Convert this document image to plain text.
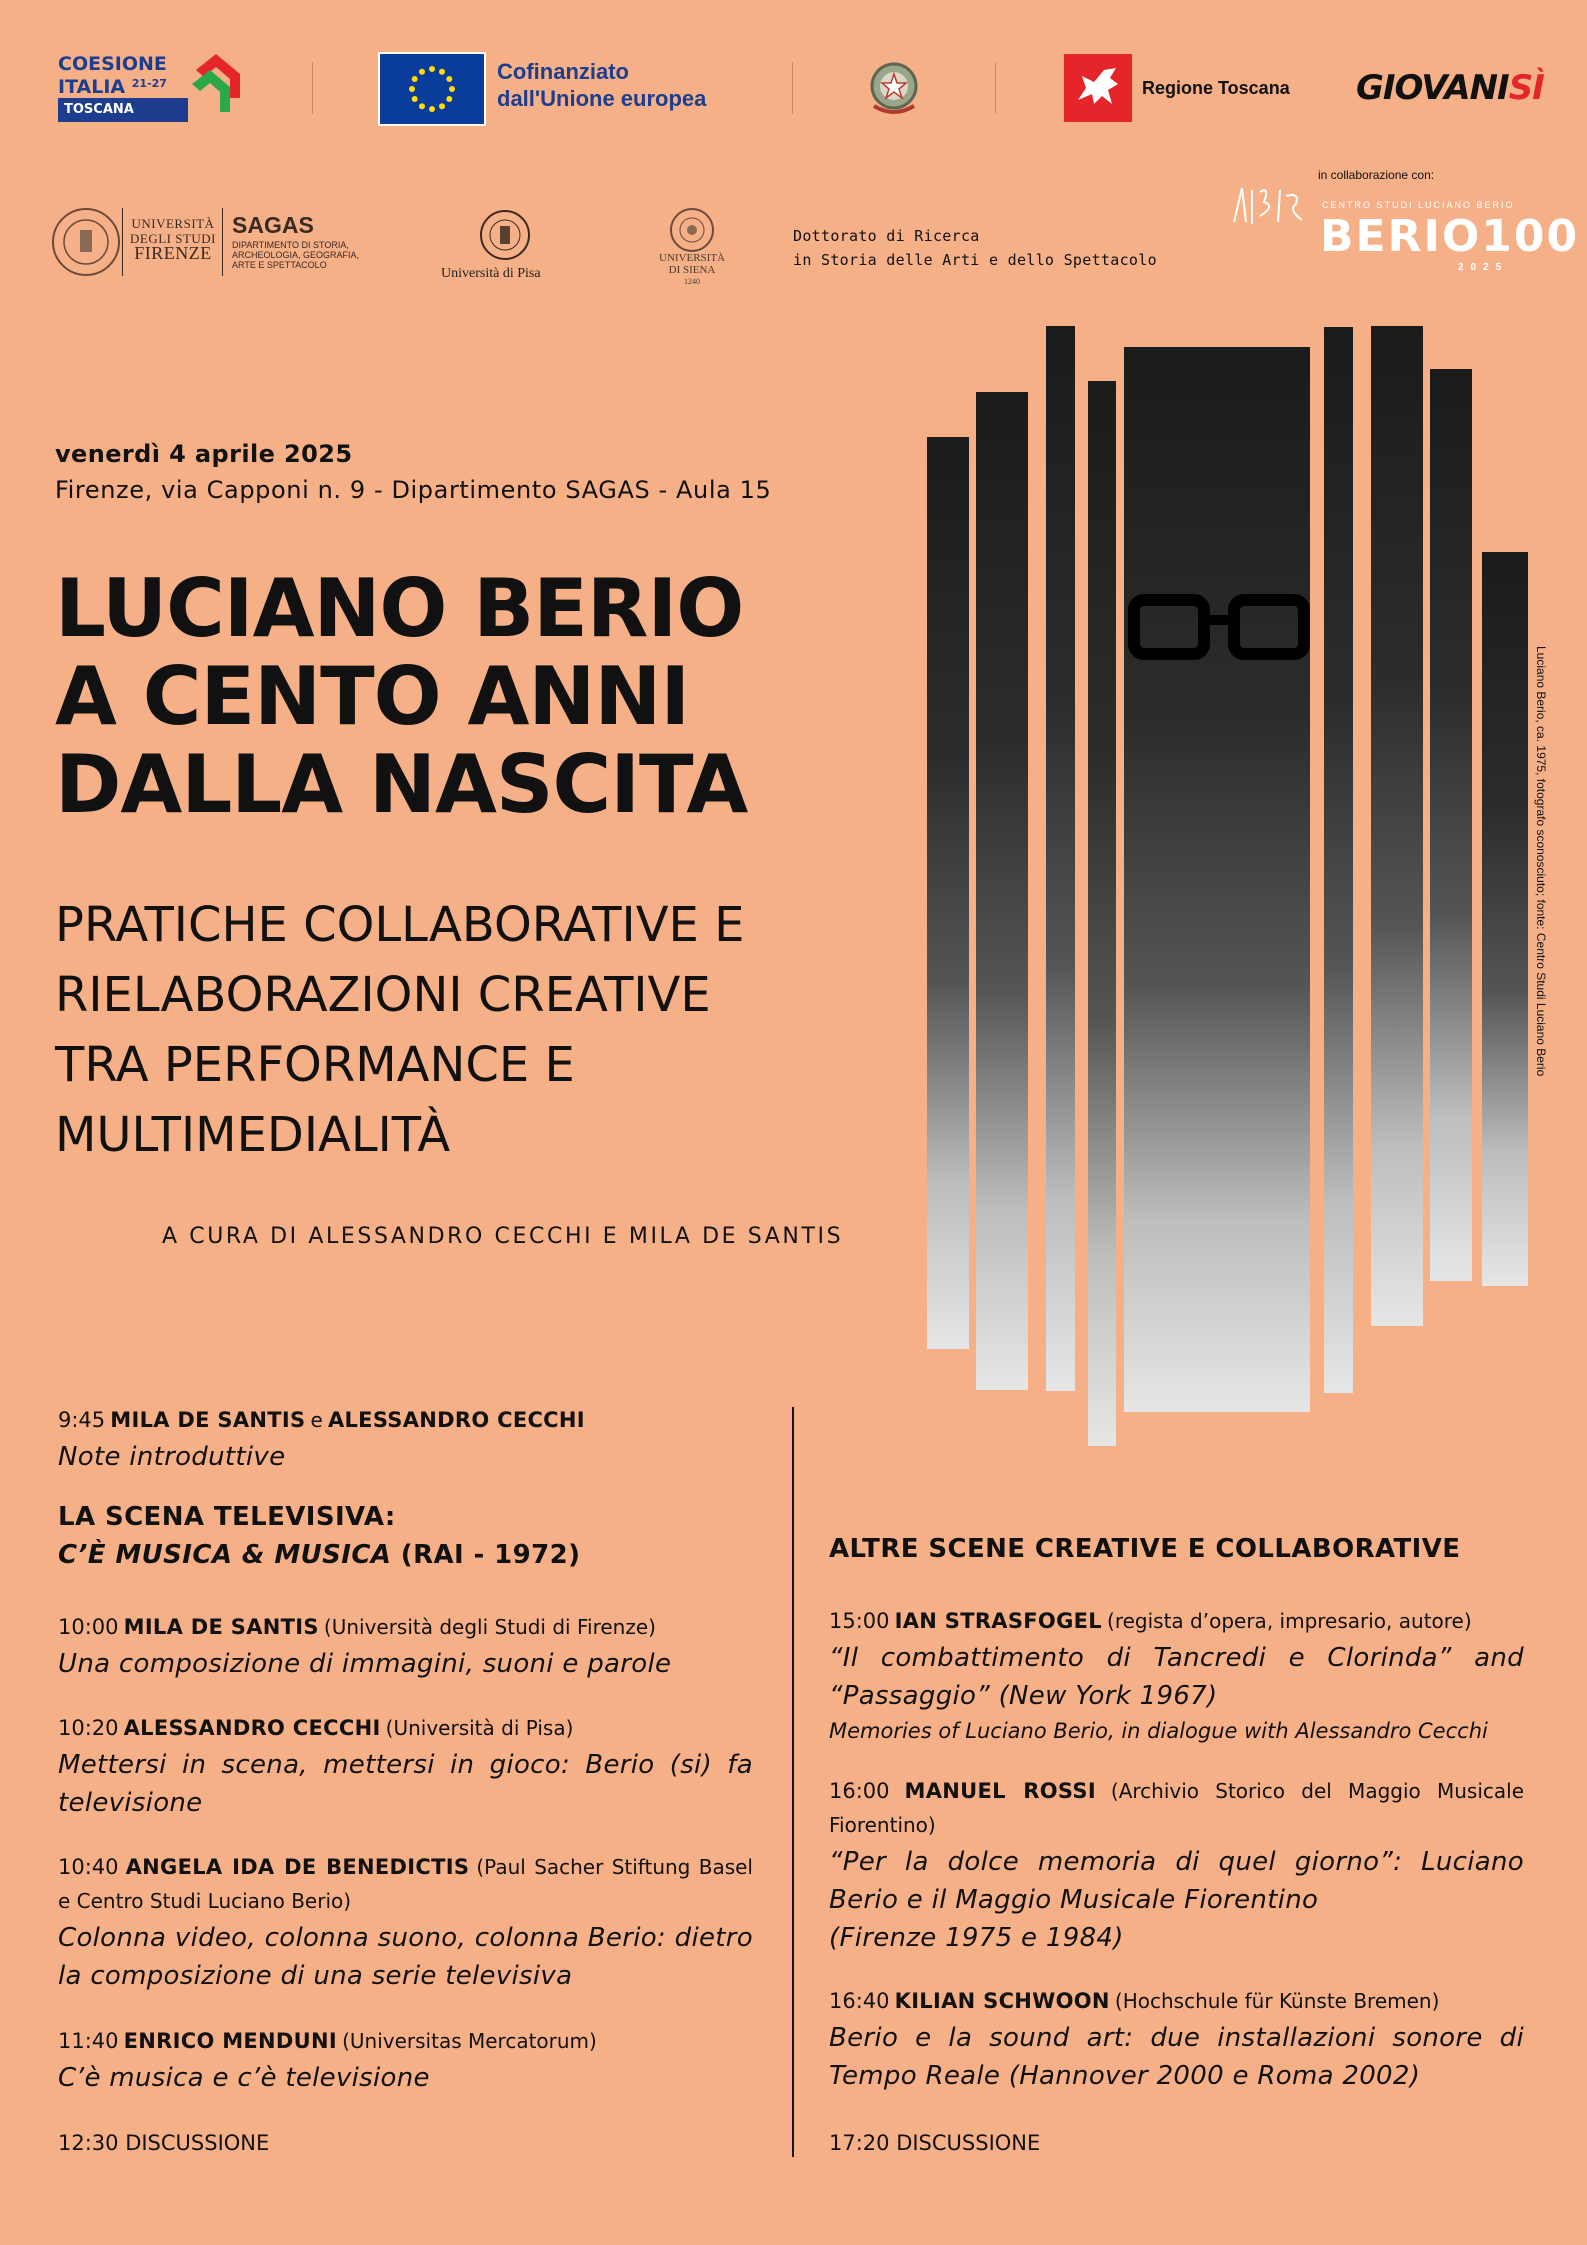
COESIONE
ITALIA $^{21-27}$
TOSCANA
Cofinanziato
dall'Unione europea	Regione Toscana GIOVANISÌ
UNIVERSITÀ
DEGLI STUDI
FIRENZE
SAGAS
DIPARTIMENTO DI STORIA, ARCHEOLOGIA, GEOGRAFIA, ARTE E SPETTACOLO
Università di Pisa
UNIVERSITÀ
DI SIENA
1240
Dottorato di Ricerca
in Storia delle Arti e dello Spettacolo
in collaborazione con:
CENTRO STUDI LUCIANO BERIO
BERIO100
2025
venerdì 4 aprile 2025
Firenze, via Capponi n. 9 - Dipartimento SAGAS - Aula 15
LUCIANO BERIO
A CENTO ANNI
DALLA NASCITA
PRATICHE COLLABORATIVE E
RIELABORAZIONI CREATIVE
TRA PERFORMANCE E
MULTIMEDIALITÀ
A CURA DI ALESSANDRO CECCHI E MILA DE SANTIS
Luciano Berio, ca. 1975, fotografo sconosciuto; fonte: Centro Studi Luciano Berio
9:45 MILA DE SANTIS e ALESSANDRO CECCHI
Note introduttive
LA SCENA TELEVISIVA:
C’È MUSICA & MUSICA (RAI - 1972)
10:00 MILA DE SANTIS (Università degli Studi di Firenze)
Una composizione di immagini, suoni e parole
10:20 ALESSANDRO CECCHI (Università di Pisa)
Mettersi in scena, mettersi in gioco: Berio (si) fa televisione
10:40 ANGELA IDA DE BENEDICTIS (Paul Sacher Stiftung Basel e Centro Studi Luciano Berio)
Colonna video, colonna suono, colonna Berio: dietro la composizione di una serie televisiva
11:40 ENRICO MENDUNI (Universitas Mercatorum)
C’è musica e c’è televisione
12:30 DISCUSSIONE
ALTRE SCENE CREATIVE E COLLABORATIVE
15:00 IAN STRASFOGEL (regista d’opera, impresario, autore)
“Il combattimento di Tancredi e Clorinda” and “Passaggio” (New York 1967)
Memories of Luciano Berio, in dialogue with Alessandro Cecchi
16:00 MANUEL ROSSI (Archivio Storico del Maggio Musicale Fiorentino)
“Per la dolce memoria di quel giorno”: Luciano Berio e il Maggio Musicale Fiorentino
(Firenze 1975 e 1984)
16:40 KILIAN SCHWOON (Hochschule für Künste Bremen)
Berio e la sound art: due installazioni sonore di Tempo Reale (Hannover 2000 e Roma 2002)
17:20 DISCUSSIONE
